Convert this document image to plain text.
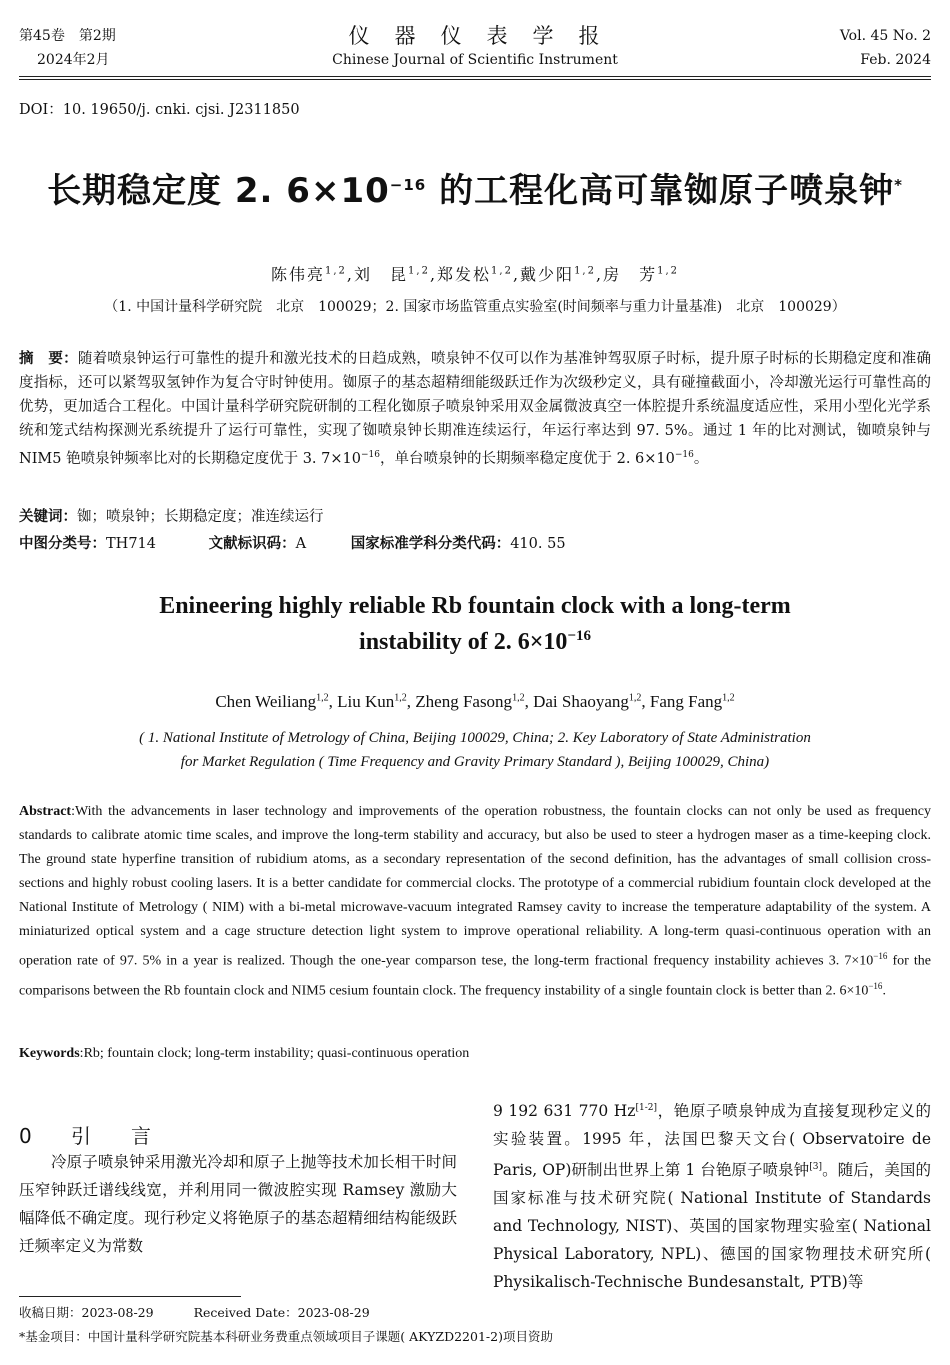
第45卷　第2期
2024年2月
仪　器　仪　表　学　报
Chinese Journal of Scientific Instrument
Vol. 45 No. 2
Feb. 2024
DOI：10. 19650/j. cnki. cjsi. J2311850
长期稳定度 2. $6\times 10^{-16}$ 的工程化高可靠铷原子喷泉钟*
陈伟亮$^{1,2}$,刘　昆$^{1,2}$,郑发松$^{1,2}$,戴少阳$^{1,2}$,房　芳$^{1,2}$
（1. 中国计量科学研究院　北京　100029；2. 国家市场监管重点实验室(时间频率与重力计量基准)　北京　100029）
摘　要：随着喷泉钟运行可靠性的提升和激光技术的日趋成熟，喷泉钟不仅可以作为基准钟驾驭原子时标，提升原子时标的长期稳定度和准确度指标，还可以紧驾驭氢钟作为复合守时钟使用。铷原子的基态超精细能级跃迁作为次级秒定义，具有碰撞截面小，冷却激光运行可靠性高的优势，更加适合工程化。中国计量科学研究院研制的工程化铷原子喷泉钟采用双金属微波真空一体腔提升系统温度适应性，采用小型化光学系统和笼式结构探测光系统提升了运行可靠性，实现了铷喷泉钟长期准连续运行，年运行率达到 97. 5%。通过 1 年的比对测试，铷喷泉钟与 NIM5 铯喷泉钟频率比对的长期稳定度优于 3. $7\times 10^{-16}$，单台喷泉钟的长期频率稳定度优于 2. $6\times 10^{-16}$。
关键词：铷；喷泉钟；长期稳定度；准连续运行
中图分类号：TH714	文献标识码：A	国家标准学科分类代码：410. 55
Enineering highly reliable Rb fountain clock with a long-term
instability of 2. $6\times 10^{-16}$
Chen Weiliang$^{1,2}$, Liu Kun$^{1,2}$, Zheng Fasong$^{1,2}$, Dai Shaoyang$^{1,2}$, Fang Fang$^{1,2}$
( 1. National Institute of Metrology of China, Beijing 100029, China; 2. Key Laboratory of State Administration
for Market Regulation ( Time Frequency and Gravity Primary Standard ), Beijing 100029, China)
Abstract:With the advancements in laser technology and improvements of the operation robustness, the fountain clocks can not only be used as frequency standards to calibrate atomic time scales, and improve the long-term stability and accuracy, but also be used to steer a hydrogen maser as a time-keeping clock. The ground state hyperfine transition of rubidium atoms, as a secondary representation of the second definition, has the advantages of small collision cross-sections and highly robust cooling lasers. It is a better candidate for commercial clocks. The prototype of a commercial rubidium fountain clock developed at the National Institute of Metrology ( NIM) with a bi-metal microwave-vacuum integrated Ramsey cavity to increase the temperature adaptability of the system. A miniaturized optical system and a cage structure detection light system to improve operational reliability. A long-term quasi-continuous operation with an operation rate of 97. 5% in a year is realized. Though the one-year comparson tese, the long-term fractional frequency instability achieves 3. $7\times 10^{-16}$ for the comparisons between the Rb fountain clock and NIM5 cesium fountain clock. The frequency instability of a single fountain clock is better than 2. $6\times 10^{-16}$.
Keywords:Rb; fountain clock; long-term instability; quasi-continuous operation
0 引　　言
冷原子喷泉钟采用激光冷却和原子上抛等技术加长相干时间压窄钟跃迁谱线线宽，并利用同一微波腔实现 Ramsey 激励大幅降低不确定度。现行秒定义将铯原子的基态超精细结构能级跃迁频率定义为常数
9 192 631 770 Hz[1-2]，铯原子喷泉钟成为直接复现秒定义的实验装置。1995 年，法国巴黎天文台( Observatoire de Paris, OP)研制出世界上第 1 台铯原子喷泉钟[3]。随后，美国的国家标准与技术研究院( National Institute of Standards and Technology, NIST)、英国的国家物理实验室( National Physical Laboratory, NPL)、德国的国家物理技术研究所( Physikalisch-Technische Bundesanstalt, PTB)等
收稿日期：2023-08-29	Received Date：2023-08-29
*基金项目：中国计量科学研究院基本科研业务费重点领域项目子课题( AKYZD2201-2)项目资助
